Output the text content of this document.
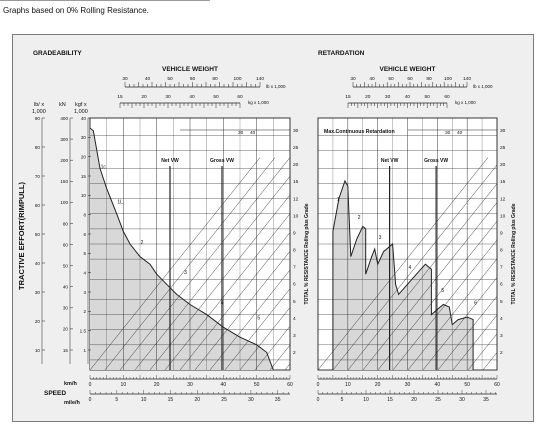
Graphs based on 0% Rolling Resistance.
TRACTIVE EFFORT(RIMPULL)
lb/ x
1,000
kN kgf x
1,000
km/h
SPEED
mile/h
GRADEABILITY
VEHICLE WEIGHT
30	40	50	60	80	100	140
15	20	30	40	50	60
lb x 1,000
kg x 1,000
30 40	30
25
20
15
12
10
9
8
7
6
5
4
3
2
TOTAL % RESISTANCE Rolling plus Grade
Net VW	Gross VW
1c
1L
2
3
4
5
0	10	20	30	40	50	60
0	5	10	15	20	25	30	35
90
80
70
60
50
40
30
20
10
400
300
200
150
100
80
60
50
40
30
20
15
40
30
20
15
10
8
6
5
4
3
2
1.5
1
RETARDATION
VEHICLE WEIGHT
30	40	50	60	80	100 140
15	20	30	40	50	60
lb x 1,000
kg x 1,000
30 40	30
25
20
15
12
10
9
8
7
6
5
4
3
2
TOTAL % RESISTANCE Rolling plus Grade
Net VW	Gross VW
Max.Continuous Retardation
1
2
3
4
5
6
0	10	20	30	40	50	60
0	5	10	15	20	25	30	35
